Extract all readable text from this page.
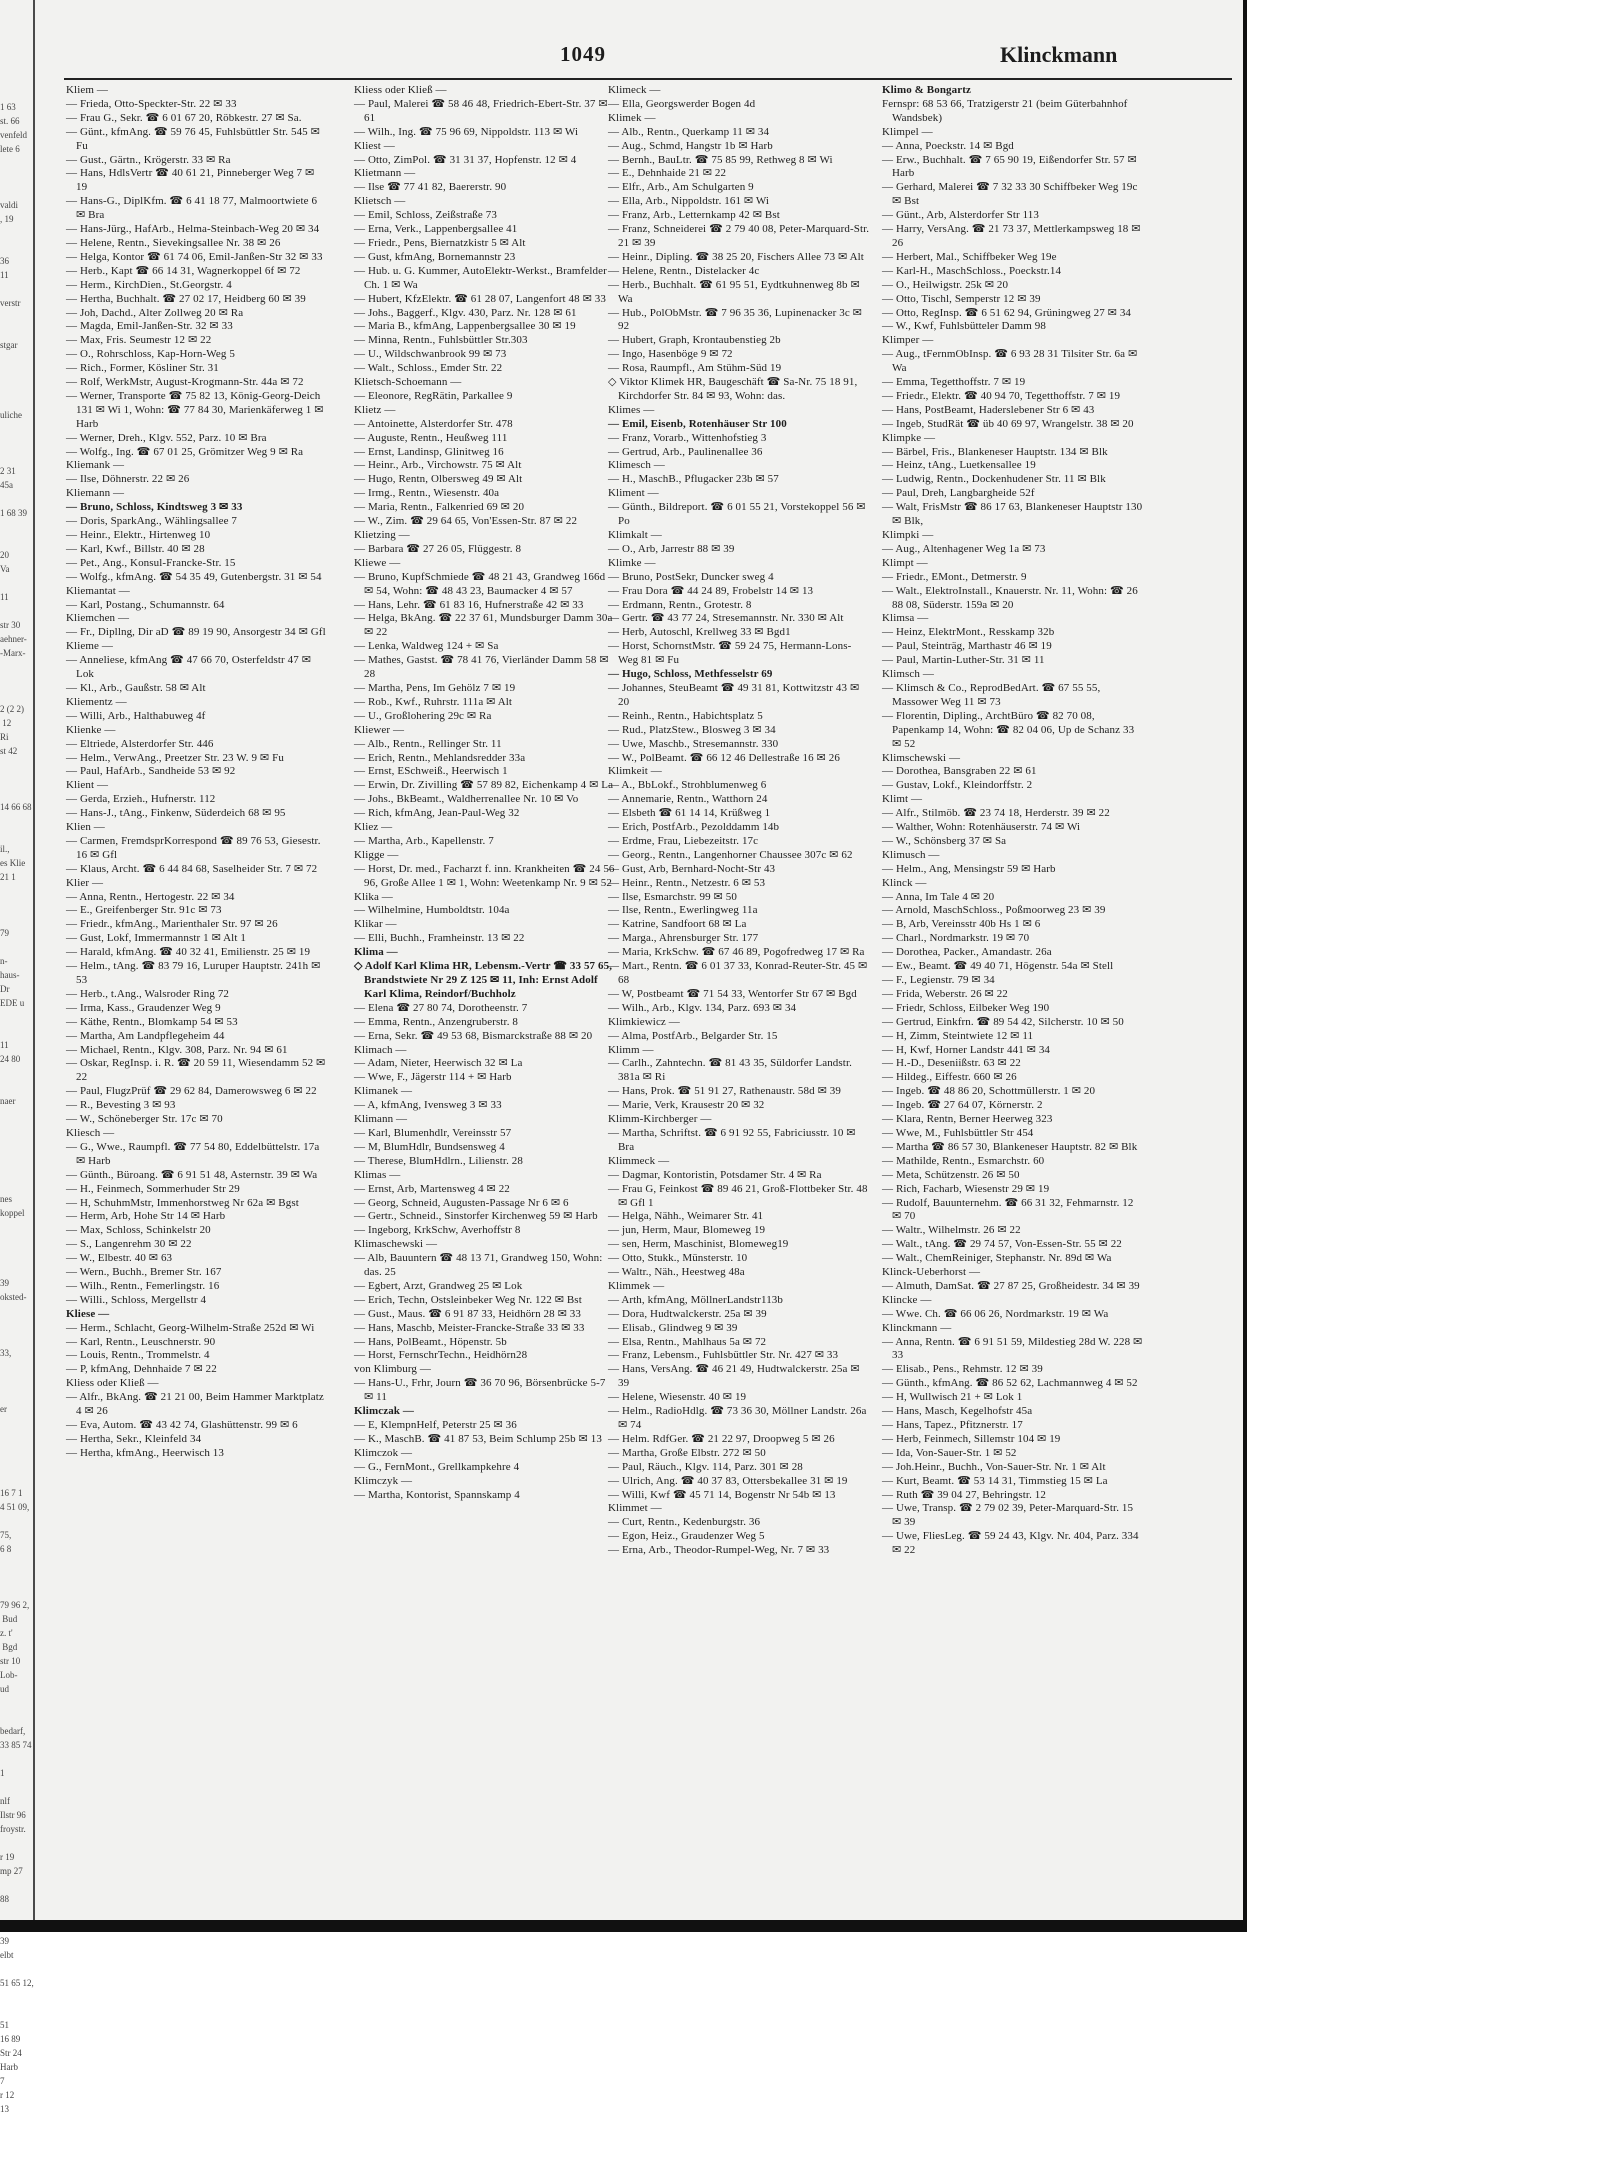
1 63
st. 66
venfeld
lete 6

valdi
, 19

36
11

verstr

stgar

uliche

2 31
45a

1 68 39

20
Va

11

str 30
aehner-
-Marx-

2 (2 2)
12
Ri
st 42

14 66 68

il.,
es Klie
21 1

79

n-
haus-
Dr
EDE u

11
24 80

naer

nes
koppel

39
oksted-

33,

er

16 7 1
4 51 09,

75,
6 8

79 96 2,
Bud
z. t'
Bgd
str 10
Lob-
ud

bedarf,
33 85 74

1

nlf
Ilstr 96
froystr.

r 19
mp 27

88

39
elbt

51 65 12,

51
16 89
Str 24
Harb
7
r 12
13
1049	Klinckmann

Kliem —

— Frieda, Otto-Speckter-Str. 22 ✉ 33

— Frau G., Sekr. ☎ 6 01 67 20, Röbkestr. 27 ✉ Sa.

— Günt., kfmAng. ☎ 59 76 45, Fuhlsbüttler Str. 545 ✉ Fu

— Gust., Gärtn., Krögerstr. 33 ✉ Ra

— Hans, HdlsVertr ☎ 40 61 21, Pinneberger Weg 7 ✉ 19

— Hans-G., DiplKfm. ☎ 6 41 18 77, Malmoortwiete 6 ✉ Bra

— Hans-Jürg., HafArb., Helma-Steinbach-Weg 20 ✉ 34

— Helene, Rentn., Sievekingsallee Nr. 38 ✉ 26

— Helga, Kontor ☎ 61 74 06, Emil-Janßen-Str 32 ✉ 33

— Herb., Kapt ☎ 66 14 31, Wagnerkoppel 6f ✉ 72

— Herm., KirchDien., St.Georgstr. 4

— Hertha, Buchhalt. ☎ 27 02 17, Heidberg 60 ✉ 39

— Joh, Dachd., Alter Zollweg 20 ✉ Ra

— Magda, Emil-Janßen-Str. 32 ✉ 33

— Max, Fris. Seumestr 12 ✉ 22

— O., Rohrschloss, Kap-Horn-Weg 5

— Rich., Former, Kösliner Str. 31

— Rolf, WerkMstr, August-Krogmann-Str. 44a ✉ 72

— Werner, Transporte ☎ 75 82 13, König-Georg-Deich 131 ✉ Wi 1, Wohn: ☎ 77 84 30, Marienkäferweg 1 ✉ Harb

— Werner, Dreh., Klgv. 552, Parz. 10 ✉ Bra

— Wolfg., Ing. ☎ 67 01 25, Grömitzer Weg 9 ✉ Ra

Kliemank —

— Ilse, Döhnerstr. 22 ✉ 26

Kliemann —

— Bruno, Schloss, Kindtsweg 3 ✉ 33

— Doris, SparkAng., Wählingsallee 7

— Heinr., Elektr., Hirtenweg 10

— Karl, Kwf., Billstr. 40 ✉ 28

— Pet., Ang., Konsul-Francke-Str. 15

— Wolfg., kfmAng. ☎ 54 35 49, Gutenbergstr. 31 ✉ 54

Kliemantat —

— Karl, Postang., Schumannstr. 64

Kliemchen —

— Fr., Dipllng, Dir aD ☎ 89 19 90, Ansorgestr 34 ✉ Gfl

Klieme —

— Anneliese, kfmAng ☎ 47 66 70, Osterfeldstr 47 ✉ Lok

— Kl., Arb., Gaußstr. 58 ✉ Alt

Kliementz —

— Willi, Arb., Halthabuweg 4f

Klienke —

— Eltriede, Alsterdorfer Str. 446

— Helm., VerwAng., Preetzer Str. 23 W. 9 ✉ Fu

— Paul, HafArb., Sandheide 53 ✉ 92

Klient —

— Gerda, Erzieh., Hufnerstr. 112

— Hans-J., tAng., Finkenw, Süderdeich 68 ✉ 95

Klien —

— Carmen, FremdsprKorrespond ☎ 89 76 53, Giesestr. 16 ✉ Gfl

— Klaus, Archt. ☎ 6 44 84 68, Saselheider Str. 7 ✉ 72

Klier —

— Anna, Rentn., Hertogestr. 22 ✉ 34

— E., Greifenberger Str. 91c ✉ 73

— Friedr., kfmAng., Marienthaler Str. 97 ✉ 26

— Gust, Lokf, Immermannstr 1 ✉ Alt 1

— Harald, kfmAng. ☎ 40 32 41, Emilienstr. 25 ✉ 19

— Helm., tAng. ☎ 83 79 16, Luruper Hauptstr. 241h ✉ 53

— Herb., t.Ang., Walsroder Ring 72

— Irma, Kass., Graudenzer Weg 9

— Käthe, Rentn., Blomkamp 54 ✉ 53

— Martha, Am Landpflegeheim 44

— Michael, Rentn., Klgv. 308, Parz. Nr. 94 ✉ 61

— Oskar, RegInsp. i. R. ☎ 20 59 11, Wiesendamm 52 ✉ 22

— Paul, FlugzPrüf ☎ 29 62 84, Damerowsweg 6 ✉ 22

— R., Bevesting 3 ✉ 93

— W., Schöneberger Str. 17c ✉ 70

Kliesch —

— G., Wwe., Raumpfl. ☎ 77 54 80, Eddelbüttelstr. 17a ✉ Harb

— Günth., Büroang. ☎ 6 91 51 48, Asternstr. 39 ✉ Wa

— H., Feinmech, Sommerhuder Str 29

— H, SchuhmMstr, Immenhorstweg Nr 62a ✉ Bgst

— Herm, Arb, Hohe Str 14 ✉ Harb

— Max, Schloss, Schinkelstr 20

— S., Langenrehm 30 ✉ 22

— W., Elbestr. 40 ✉ 63

— Wern., Buchh., Bremer Str. 167

— Wilh., Rentn., Femerlingstr. 16

— Willi., Schloss, Mergellstr 4

Kliese —

— Herm., Schlacht, Georg-Wilhelm-Straße 252d ✉ Wi

— Karl, Rentn., Leuschnerstr. 90

— Louis, Rentn., Trommelstr. 4

— P, kfmAng, Dehnhaide 7 ✉ 22

Kliess oder Kließ —

— Alfr., BkAng. ☎ 21 21 00, Beim Hammer Marktplatz 4 ✉ 26

— Eva, Autom. ☎ 43 42 74, Glashüttenstr. 99 ✉ 6

— Hertha, Sekr., Kleinfeld 34

— Hertha, kfmAng., Heerwisch 13

Kliess oder Kließ —

— Paul, Malerei ☎ 58 46 48, Friedrich-Ebert-Str. 37 ✉ 61

— Wilh., Ing. ☎ 75 96 69, Nippoldstr. 113 ✉ Wi

Kliest —

— Otto, ZimPol. ☎ 31 31 37, Hopfenstr. 12 ✉ 4

Klietmann —

— Ilse ☎ 77 41 82, Baererstr. 90

Klietsch —

— Emil, Schloss, Zeißstraße 73

— Erna, Verk., Lappenbergsallee 41

— Friedr., Pens, Biernatzkistr 5 ✉ Alt

— Gust, kfmAng, Bornemannstr 23

— Hub. u. G. Kummer, AutoElektr-Werkst., Bramfelder Ch. 1 ✉ Wa

— Hubert, KfzElektr. ☎ 61 28 07, Langenfort 48 ✉ 33

— Johs., Baggerf., Klgv. 430, Parz. Nr. 128 ✉ 61

— Maria B., kfmAng, Lappenbergsallee 30 ✉ 19

— Minna, Rentn., Fuhlsbüttler Str.303

— U., Wildschwanbrook 99 ✉ 73

— Walt., Schloss., Emder Str. 22

Klietsch-Schoemann —

— Eleonore, RegRätin, Parkallee 9

Klietz —

— Antoinette, Alsterdorfer Str. 478

— Auguste, Rentn., Heußweg 111

— Ernst, Landinsp, Glinitweg 16

— Heinr., Arb., Virchowstr. 75 ✉ Alt

— Hugo, Rentn, Olbersweg 49 ✉ Alt

— Irmg., Rentn., Wiesenstr. 40a

— Maria, Rentn., Falkenried 69 ✉ 20

— W., Zim. ☎ 29 64 65, Von'Essen-Str. 87 ✉ 22

Klietzing —

— Barbara ☎ 27 26 05, Flüggestr. 8

Kliewe —

— Bruno, KupfSchmiede ☎ 48 21 43, Grandweg 166d ✉ 54, Wohn: ☎ 48 43 23, Baumacker 4 ✉ 57

— Hans, Lehr. ☎ 61 83 16, Hufnerstraße 42 ✉ 33

— Helga, BkAng. ☎ 22 37 61, Mundsburger Damm 30a ✉ 22

— Lenka, Waldweg 124 + ✉ Sa

— Mathes, Gastst. ☎ 78 41 76, Vierländer Damm 58 ✉ 28

— Martha, Pens, Im Gehölz 7 ✉ 19

— Rob., Kwf., Ruhrstr. 111a ✉ Alt

— U., Großlohering 29c ✉ Ra

Kliewer —

— Alb., Rentn., Rellinger Str. 11

— Erich, Rentn., Mehlandsredder 33a

— Ernst, ESchweiß., Heerwisch 1

— Erwin, Dr. Zivilling ☎ 57 89 82, Eichenkamp 4 ✉ La

— Johs., BkBeamt., Waldherrenallee Nr. 10 ✉ Vo

— Rich, kfmAng, Jean-Paul-Weg 32

Kliez —

— Martha, Arb., Kapellenstr. 7

Kligge —

— Horst, Dr. med., Facharzt f. inn. Krankheiten ☎ 24 56 96, Große Allee 1 ✉ 1, Wohn: Weetenkamp Nr. 9 ✉ 52

Klika —

— Wilhelmine, Humboldtstr. 104a

Klikar —

— Elli, Buchh., Framheinstr. 13 ✉ 22

Klima —

◇ Adolf Karl Klima HR, Lebensm.-Vertr ☎ 33 57 65, Brandstwiete Nr 29 Z 125 ✉ 11, Inh: Ernst Adolf Karl Klima, Reindorf/Buchholz

— Elena ☎ 27 80 74, Dorotheenstr. 7

— Emma, Rentn., Anzengruberstr. 8

— Erna, Sekr. ☎ 49 53 68, Bismarckstraße 88 ✉ 20

Klimach —

— Adam, Nieter, Heerwisch 32 ✉ La

— Wwe, F., Jägerstr 114 + ✉ Harb

Klimanek —

— A, kfmAng, Ivensweg 3 ✉ 33

Klimann —

— Karl, Blumenhdlr, Vereinsstr 57

— M, BlumHdlr, Bundsensweg 4

— Therese, BlumHdlrn., Lilienstr. 28

Klimas —

— Ernst, Arb, Martensweg 4 ✉ 22

— Georg, Schneid, Augusten-Passage Nr 6 ✉ 6

— Gertr., Schneid., Sinstorfer Kirchenweg 59 ✉ Harb

— Ingeborg, KrkSchw, Averhoffstr 8

Klimaschewski —

— Alb, Bauuntern ☎ 48 13 71, Grandweg 150, Wohn: das. 25

— Egbert, Arzt, Grandweg 25 ✉ Lok

— Erich, Techn, Ostsleinbeker Weg Nr. 122 ✉ Bst

— Gust., Maus. ☎ 6 91 87 33, Heidhörn 28 ✉ 33

— Hans, Maschb, Meister-Francke-Straße 33 ✉ 33

— Hans, PolBeamt., Höpenstr. 5b

— Horst, FernschrTechn., Heidhörn28

von Klimburg —

— Hans-U., Frhr, Journ ☎ 36 70 96, Börsenbrücke 5-7 ✉ 11

Klimczak —

— E, KlempnHelf, Peterstr 25 ✉ 36

— K., MaschB. ☎ 41 87 53, Beim Schlump 25b ✉ 13

Klimczok —

— G., FernMont., Grellkampkehre 4

Klimczyk —

— Martha, Kontorist, Spannskamp 4

Klimeck —

— Ella, Georgswerder Bogen 4d

Klimek —

— Alb., Rentn., Querkamp 11 ✉ 34

— Aug., Schmd, Hangstr 1b ✉ Harb

— Bernh., BauLtr. ☎ 75 85 99, Rethweg 8 ✉ Wi

— E., Dehnhaide 21 ✉ 22

— Elfr., Arb., Am Schulgarten 9

— Ella, Arb., Nippoldstr. 161 ✉ Wi

— Franz, Arb., Letternkamp 42 ✉ Bst

— Franz, Schneiderei ☎ 2 79 40 08, Peter-Marquard-Str. 21 ✉ 39

— Heinr., Dipling. ☎ 38 25 20, Fischers Allee 73 ✉ Alt

— Helene, Rentn., Distelacker 4c

— Herb., Buchhalt. ☎ 61 95 51, Eydtkuhnenweg 8b ✉ Wa

— Hub., PolObMstr. ☎ 7 96 35 36, Lupinenacker 3c ✉ 92

— Hubert, Graph, Krontaubenstieg 2b

— Ingo, Hasenböge 9 ✉ 72

— Rosa, Raumpfl., Am Stühm-Süd 19

◇ Viktor Klimek HR, Baugeschäft ☎ Sa-Nr. 75 18 91, Kirchdorfer Str. 84 ✉ 93, Wohn: das.

Klimes —

— Emil, Eisenb, Rotenhäuser Str 100

— Franz, Vorarb., Wittenhofstieg 3

— Gertrud, Arb., Paulinenallee 36

Klimesch —

— H., MaschB., Pflugacker 23b ✉ 57

Kliment —

— Günth., Bildreport. ☎ 6 01 55 21, Vorstekoppel 56 ✉ Po

Klimkalt —

— O., Arb, Jarrestr 88 ✉ 39

Klimke —

— Bruno, PostSekr, Duncker sweg 4

— Frau Dora ☎ 44 24 89, Frobelstr 14 ✉ 13

— Erdmann, Rentn., Grotestr. 8

— Gertr. ☎ 43 77 24, Stresemannstr. Nr. 330 ✉ Alt

— Herb, Autoschl, Krellweg 33 ✉ Bgd1

— Horst, SchornstMstr. ☎ 59 24 75, Hermann-Lons-Weg 81 ✉ Fu

— Hugo, Schloss, Methfesselstr 69

— Johannes, SteuBeamt ☎ 49 31 81, Kottwitzstr 43 ✉ 20

— Reinh., Rentn., Habichtsplatz 5

— Rud., PlatzStew., Blosweg 3 ✉ 34

— Uwe, Maschb., Stresemannstr. 330

— W., PolBeamt. ☎ 66 12 46 Dellestraße 16 ✉ 26

Klimkeit —

— A., BbLokf., Strohblumenweg 6

— Annemarie, Rentn., Watthorn 24

— Elsbeth ☎ 61 14 14, Krüßweg 1

— Erich, PostfArb., Pezolddamm 14b

— Erdme, Frau, Liebezeitstr. 17c

— Georg., Rentn., Langenhorner Chaussee 307c ✉ 62

— Gust, Arb, Bernhard-Nocht-Str 43

— Heinr., Rentn., Netzestr. 6 ✉ 53

— Ilse, Esmarchstr. 99 ✉ 50

— Ilse, Rentn., Ewerlingweg 11a

— Katrine, Sandfoort 68 ✉ La

— Marga., Ahrensburger Str. 177

— Maria, KrkSchw. ☎ 67 46 89, Pogofredweg 17 ✉ Ra

— Mart., Rentn. ☎ 6 01 37 33, Konrad-Reuter-Str. 45 ✉ 68

— W, Postbeamt ☎ 71 54 33, Wentorfer Str 67 ✉ Bgd

— Wilh., Arb., Klgv. 134, Parz. 693 ✉ 34

Klimkiewicz —

— Alma, PostfArb., Belgarder Str. 15

Klimm —

— Carlh., Zahntechn. ☎ 81 43 35, Süldorfer Landstr. 381a ✉ Ri

— Hans, Prok. ☎ 51 91 27, Rathenaustr. 58d ✉ 39

— Marie, Verk, Krausestr 20 ✉ 32

Klimm-Kirchberger —

— Martha, Schriftst. ☎ 6 91 92 55, Fabriciusstr. 10 ✉ Bra

Klimmeck —

— Dagmar, Kontoristin, Potsdamer Str. 4 ✉ Ra

— Frau G, Feinkost ☎ 89 46 21, Groß-Flottbeker Str. 48 ✉ Gfl 1

— Helga, Nähh., Weimarer Str. 41

— jun, Herm, Maur, Blomeweg 19

— sen, Herm, Maschinist, Blomeweg19

— Otto, Stukk., Münsterstr. 10

— Waltr., Näh., Heestweg 48a

Klimmek —

— Arth, kfmAng, MöllnerLandstr113b

— Dora, Hudtwalckerstr. 25a ✉ 39

— Elisab., Glindweg 9 ✉ 39

— Elsa, Rentn., Mahlhaus 5a ✉ 72

— Franz, Lebensm., Fuhlsbüttler Str. Nr. 427 ✉ 33

— Hans, VersAng. ☎ 46 21 49, Hudtwalckerstr. 25a ✉ 39

— Helene, Wiesenstr. 40 ✉ 19

— Helm., RadioHdlg. ☎ 73 36 30, Möllner Landstr. 26a ✉ 74

— Helm. RdfGer. ☎ 21 22 97, Droopweg 5 ✉ 26

— Martha, Große Elbstr. 272 ✉ 50

— Paul, Räuch., Klgv. 114, Parz. 301 ✉ 28

— Ulrich, Ang. ☎ 40 37 83, Ottersbekallee 31 ✉ 19

— Willi, Kwf ☎ 45 71 14, Bogenstr Nr 54b ✉ 13

Klimmet —

— Curt, Rentn., Kedenburgstr. 36

— Egon, Heiz., Graudenzer Weg 5

— Erna, Arb., Theodor-Rumpel-Weg, Nr. 7 ✉ 33

Klimo & Bongartz

Fernspr: 68 53 66, Tratzigerstr 21 (beim Güterbahnhof Wandsbek)

Klimpel —

— Anna, Poeckstr. 14 ✉ Bgd

— Erw., Buchhalt. ☎ 7 65 90 19, Eißendorfer Str. 57 ✉ Harb

— Gerhard, Malerei ☎ 7 32 33 30 Schiffbeker Weg 19c ✉ Bst

— Günt., Arb, Alsterdorfer Str 113

— Harry, VersAng. ☎ 21 73 37, Mettlerkampsweg 18 ✉ 26

— Herbert, Mal., Schiffbeker Weg 19e

— Karl-H., MaschSchloss., Poeckstr.14

— O., Heilwigstr. 25k ✉ 20

— Otto, Tischl, Semperstr 12 ✉ 39

— Otto, RegInsp. ☎ 6 51 62 94, Grüningweg 27 ✉ 34

— W., Kwf, Fuhlsbütteler Damm 98

Klimper —

— Aug., tFernmObInsp. ☎ 6 93 28 31 Tilsiter Str. 6a ✉ Wa

— Emma, Tegetthoffstr. 7 ✉ 19

— Friedr., Elektr. ☎ 40 94 70, Tegetthoffstr. 7 ✉ 19

— Hans, PostBeamt, Haderslebener Str 6 ✉ 43

— Ingeb, StudRät ☎ üb 40 69 97, Wrangelstr. 38 ✉ 20

Klimpke —

— Bärbel, Fris., Blankeneser Hauptstr. 134 ✉ Blk

— Heinz, tAng., Luetkensallee 19

— Ludwig, Rentn., Dockenhudener Str. 11 ✉ Blk

— Paul, Dreh, Langbargheide 52f

— Walt, FrisMstr ☎ 86 17 63, Blankeneser Hauptstr 130 ✉ Blk,

Klimpki —

— Aug., Altenhagener Weg 1a ✉ 73

Klimpt —

— Friedr., EMont., Detmerstr. 9

— Walt., ElektroInstall., Knauerstr. Nr. 11, Wohn: ☎ 26 88 08, Süderstr. 159a ✉ 20

Klimsa —

— Heinz, ElektrMont., Resskamp 32b

— Paul, Steinträg, Marthastr 46 ✉ 19

— Paul, Martin-Luther-Str. 31 ✉ 11

Klimsch —

— Klimsch & Co., ReprodBedArt. ☎ 67 55 55, Massower Weg 11 ✉ 73

— Florentin, Dipling., ArchtBüro ☎ 82 70 08, Papenkamp 14, Wohn: ☎ 82 04 06, Up de Schanz 33 ✉ 52

Klimschewski —

— Dorothea, Bansgraben 22 ✉ 61

— Gustav, Lokf., Kleindorffstr. 2

Klimt —

— Alfr., Stilmöb. ☎ 23 74 18, Herderstr. 39 ✉ 22

— Walther, Wohn: Rotenhäuserstr. 74 ✉ Wi

— W., Schönsberg 37 ✉ Sa

Klimusch —

— Helm., Ang, Mensingstr 59 ✉ Harb

Klinck —

— Anna, Im Tale 4 ✉ 20

— Arnold, MaschSchloss., Poßmoorweg 23 ✉ 39

— B, Arb, Vereinsstr 40b Hs 1 ✉ 6

— Charl., Nordmarkstr. 19 ✉ 70

— Dorothea, Packer., Amandastr. 26a

— Ew., Beamt. ☎ 49 40 71, Högenstr. 54a ✉ Stell

— F., Legienstr. 79 ✉ 34

— Frida, Weberstr. 26 ✉ 22

— Friedr, Schloss, Eilbeker Weg 190

— Gertrud, Einkfrn. ☎ 89 54 42, Silcherstr. 10 ✉ 50

— H, Zimm, Steintwiete 12 ✉ 11

— H, Kwf, Horner Landstr 441 ✉ 34

— H.-D., Deseniißstr. 63 ✉ 22

— Hildeg., Eiffestr. 660 ✉ 26

— Ingeb. ☎ 48 86 20, Schottmüllerstr. 1 ✉ 20

— Ingeb. ☎ 27 64 07, Körnerstr. 2

— Klara, Rentn, Berner Heerweg 323

— Wwe, M., Fuhlsbüttler Str 454

— Martha ☎ 86 57 30, Blankeneser Hauptstr. 82 ✉ Blk

— Mathilde, Rentn., Esmarchstr. 60

— Meta, Schützenstr. 26 ✉ 50

— Rich, Facharb, Wiesenstr 29 ✉ 19

— Rudolf, Bauunternehm. ☎ 66 31 32, Fehmarnstr. 12 ✉ 70

— Waltr., Wilhelmstr. 26 ✉ 22

— Walt., tAng. ☎ 29 74 57, Von-Essen-Str. 55 ✉ 22

— Walt., ChemReiniger, Stephanstr. Nr. 89d ✉ Wa

Klinck-Ueberhorst —

— Almuth, DamSat. ☎ 27 87 25, Großheidestr. 34 ✉ 39

Klincke —

— Wwe. Ch. ☎ 66 06 26, Nordmarkstr. 19 ✉ Wa

Klinckmann —

— Anna, Rentn. ☎ 6 91 51 59, Mildestieg 28d W. 228 ✉ 33

— Elisab., Pens., Rehmstr. 12 ✉ 39

— Günth., kfmAng. ☎ 86 52 62, Lachmannweg 4 ✉ 52

— H, Wullwisch 21 + ✉ Lok 1

— Hans, Masch, Kegelhofstr 45a

— Hans, Tapez., Pfitznerstr. 17

— Herb, Feinmech, Sillemstr 104 ✉ 19

— Ida, Von-Sauer-Str. 1 ✉ 52

— Joh.Heinr., Buchh., Von-Sauer-Str. Nr. 1 ✉ Alt

— Kurt, Beamt. ☎ 53 14 31, Timmstieg 15 ✉ La

— Ruth ☎ 39 04 27, Behringstr. 12

— Uwe, Transp. ☎ 2 79 02 39, Peter-Marquard-Str. 15 ✉ 39

— Uwe, FliesLeg. ☎ 59 24 43, Klgv. Nr. 404, Parz. 334 ✉ 22
